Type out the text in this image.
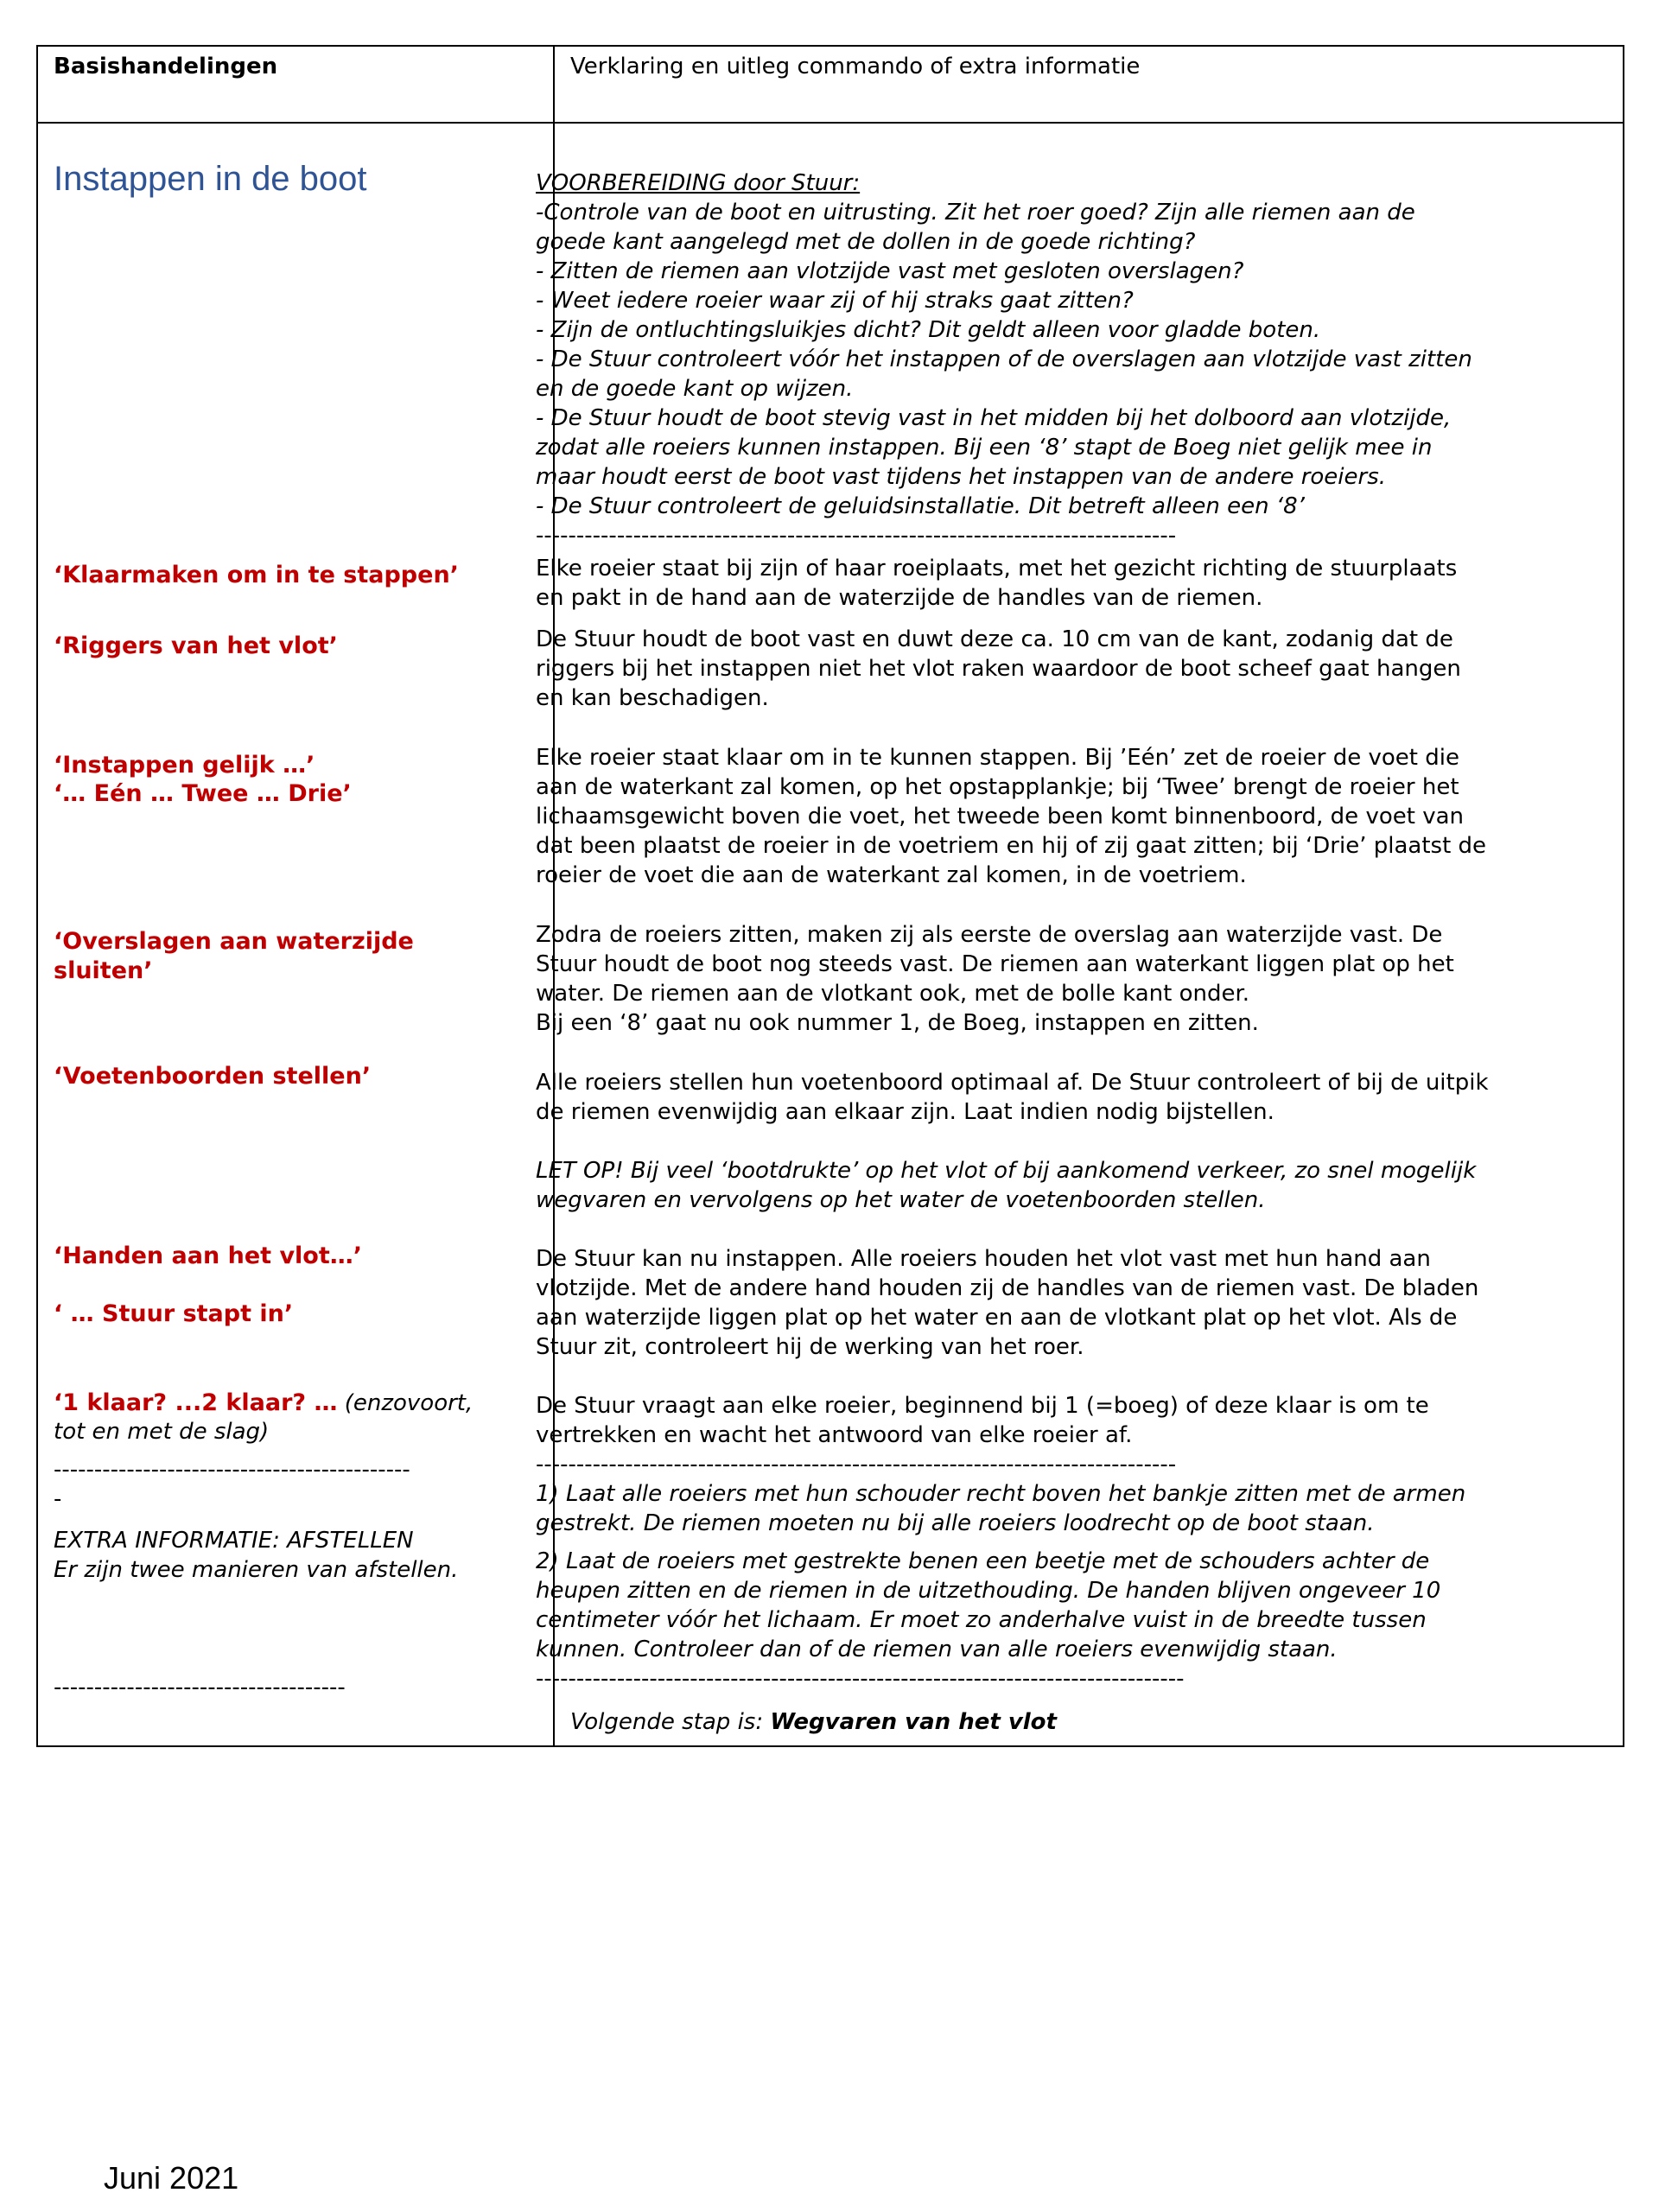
Basishandelingen	Verklaring en uitleg commando of extra informatie
Instappen in de boot
‘Klaarmaken om in te stappen’
‘Riggers van het vlot’
‘Instappen gelijk …’
‘… Eén … Twee … Drie’
‘Overslagen aan waterzijde
sluiten’
‘Voetenboorden stellen’
‘Handen aan het vlot…’
‘ … Stuur stapt in’
‘1 klaar? ...2 klaar? … (enzovoort,
tot en met de slag)
--------------------------------------------
-
EXTRA INFORMATIE: AFSTELLEN
Er zijn twee manieren van afstellen.
------------------------------------
VOORBEREIDING door Stuur:
-Controle van de boot en uitrusting. Zit het roer goed? Zijn alle riemen aan de
goede kant aangelegd met de dollen in de goede richting?
- Zitten de riemen aan vlotzijde vast met gesloten overslagen?
- Weet iedere roeier waar zij of hij straks gaat zitten?
- Zijn de ontluchtingsluikjes dicht? Dit geldt alleen voor gladde boten.
- De Stuur controleert vóór het instappen of de overslagen aan vlotzijde vast zitten
en de goede kant op wijzen.
- De Stuur houdt de boot stevig vast in het midden bij het dolboord aan vlotzijde,
zodat alle roeiers kunnen instappen. Bij een ‘8’ stapt de Boeg niet gelijk mee in
maar houdt eerst de boot vast tijdens het instappen van de andere roeiers.
- De Stuur controleert de geluidsinstallatie. Dit betreft alleen een ‘8’
-------------------------------------------------------------------------------
Elke roeier staat bij zijn of haar roeiplaats, met het gezicht richting de stuurplaats
en pakt in de hand aan de waterzijde de handles van de riemen.
De Stuur houdt de boot vast en duwt deze ca. 10 cm van de kant, zodanig dat de
riggers bij het instappen niet het vlot raken waardoor de boot scheef gaat hangen
en kan beschadigen.
Elke roeier staat klaar om in te kunnen stappen. Bij ’Eén’ zet de roeier de voet die
aan de waterkant zal komen, op het opstapplankje; bij ‘Twee’ brengt de roeier het
lichaamsgewicht boven die voet, het tweede been komt binnenboord, de voet van
dat been plaatst de roeier in de voetriem en hij of zij gaat zitten; bij ‘Drie’ plaatst de
roeier de voet die aan de waterkant zal komen, in de voetriem.
Zodra de roeiers zitten, maken zij als eerste de overslag aan waterzijde vast. De
Stuur houdt de boot nog steeds vast. De riemen aan waterkant liggen plat op het
water. De riemen aan de vlotkant ook, met de bolle kant onder.
Bij een ‘8’ gaat nu ook nummer 1, de Boeg, instappen en zitten.
Alle roeiers stellen hun voetenboord optimaal af. De Stuur controleert of bij de uitpik
de riemen evenwijdig aan elkaar zijn. Laat indien nodig bijstellen.
LET OP! Bij veel ‘bootdrukte’ op het vlot of bij aankomend verkeer, zo snel mogelijk
wegvaren en vervolgens op het water de voetenboorden stellen.
De Stuur kan nu instappen. Alle roeiers houden het vlot vast met hun hand aan
vlotzijde. Met de andere hand houden zij de handles van de riemen vast. De bladen
aan waterzijde liggen plat op het water en aan de vlotkant plat op het vlot. Als de
Stuur zit, controleert hij de werking van het roer.
De Stuur vraagt aan elke roeier, beginnend bij 1 (=boeg) of deze klaar is om te
vertrekken en wacht het antwoord van elke roeier af.
-------------------------------------------------------------------------------
1) Laat alle roeiers met hun schouder recht boven het bankje zitten met de armen
gestrekt. De riemen moeten nu bij alle roeiers loodrecht op de boot staan.
2) Laat de roeiers met gestrekte benen een beetje met de schouders achter de
heupen zitten en de riemen in de uitzethouding. De handen blijven ongeveer 10
centimeter vóór het lichaam. Er moet zo anderhalve vuist in de breedte tussen
kunnen. Controleer dan of de riemen van alle roeiers evenwijdig staan.
--------------------------------------------------------------------------------
Volgende stap is: Wegvaren van het vlot
Juni 2021
